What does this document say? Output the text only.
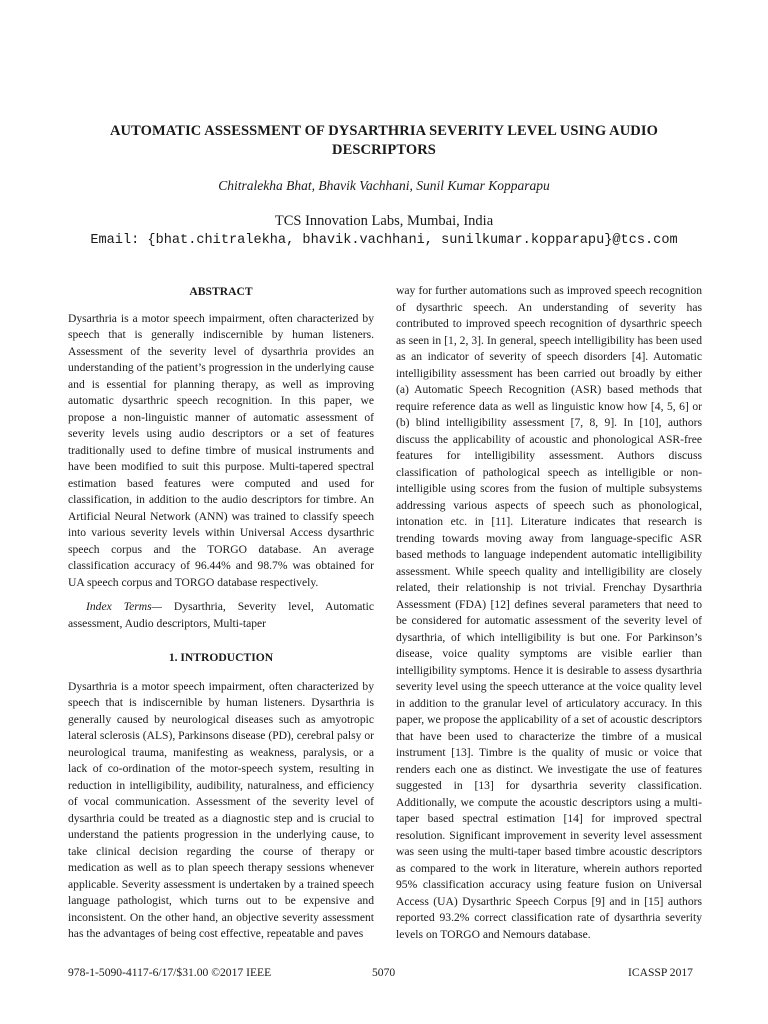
AUTOMATIC ASSESSMENT OF DYSARTHRIA SEVERITY LEVEL USING AUDIO DESCRIPTORS
Chitralekha Bhat, Bhavik Vachhani, Sunil Kumar Kopparapu
TCS Innovation Labs, Mumbai, India
Email: {bhat.chitralekha, bhavik.vachhani, sunilkumar.kopparapu}@tcs.com
ABSTRACT

Dysarthria is a motor speech impairment, often characterized by speech that is generally indiscernible by human listeners. Assessment of the severity level of dysarthria provides an understanding of the patient’s progression in the underlying cause and is essential for planning therapy, as well as improving automatic dysarthric speech recognition. In this paper, we propose a non-linguistic manner of automatic assessment of severity levels using audio descriptors or a set of features traditionally used to define timbre of musical instruments and have been modified to suit this purpose. Multi-tapered spectral estimation based features were computed and used for classification, in addition to the audio descriptors for timbre. An Artificial Neural Network (ANN) was trained to classify speech into various severity levels within Universal Access dysarthric speech corpus and the TORGO database. An average classification accuracy of 96.44% and 98.7% was obtained for UA speech corpus and TORGO database respectively.

Index Terms— Dysarthria, Severity level, Automatic assessment, Audio descriptors, Multi-taper

1. INTRODUCTION

Dysarthria is a motor speech impairment, often characterized by speech that is indiscernible by human listeners. Dysarthria is generally caused by neurological diseases such as amyotropic lateral sclerosis (ALS), Parkinsons disease (PD), cerebral palsy or neurological trauma, manifesting as weakness, paralysis, or a lack of co-ordination of the motor-speech system, resulting in reduction in intelligibility, audibility, naturalness, and efficiency of vocal communication. Assessment of the severity level of dysarthria could be treated as a diagnostic step and is crucial to understand the patients progression in the underlying cause, to take clinical decision regarding the course of therapy or medication as well as to plan speech therapy sessions whenever applicable. Severity assessment is undertaken by a trained speech language pathologist, which turns out to be expensive and inconsistent. On the other hand, an objective severity assessment has the advantages of being cost effective, repeatable and paves

way for further automations such as improved speech recognition of dysarthric speech. An understanding of severity has contributed to improved speech recognition of dysarthric speech as seen in [1, 2, 3]. In general, speech intelligibility has been used as an indicator of severity of speech disorders [4]. Automatic intelligibility assessment has been carried out broadly by either (a) Automatic Speech Recognition (ASR) based methods that require reference data as well as linguistic know how [4, 5, 6] or (b) blind intelligibility assessment [7, 8, 9]. In [10], authors discuss the applicability of acoustic and phonological ASR-free features for intelligibility assessment. Authors discuss classification of pathological speech as intelligible or non-intelligible using scores from the fusion of multiple subsystems addressing various aspects of speech such as phonological, intonation etc. in [11]. Literature indicates that research is trending towards moving away from language-specific ASR based methods to language independent automatic intelligibility assessment. While speech quality and intelligibility are closely related, their relationship is not trivial. Frenchay Dysarthria Assessment (FDA) [12] defines several parameters that need to be considered for automatic assessment of the severity level of dysarthria, of which intelligibility is but one. For Parkinson’s disease, voice quality symptoms are visible earlier than intelligibility symptoms. Hence it is desirable to assess dysarthria severity level using the speech utterance at the voice quality level in addition to the granular level of articulatory accuracy. In this paper, we propose the applicability of a set of acoustic descriptors that have been used to characterize the timbre of a musical instrument [13]. Timbre is the quality of music or voice that renders each one as distinct. We investigate the use of features suggested in [13] for dysarthria severity classification. Additionally, we compute the acoustic descriptors using a multi-taper based spectral estimation [14] for improved spectral resolution. Significant improvement in severity level assessment was seen using the multi-taper based timbre acoustic descriptors as compared to the work in literature, wherein authors reported 95% classification accuracy using feature fusion on Universal Access (UA) Dysarthric Speech Corpus [9] and in [15] authors reported 93.2% correct classification rate of dysarthria severity levels on TORGO and Nemours database.

978-1-5090-4117-6/17/$31.00 ©2017 IEEE	5070	ICASSP 2017
